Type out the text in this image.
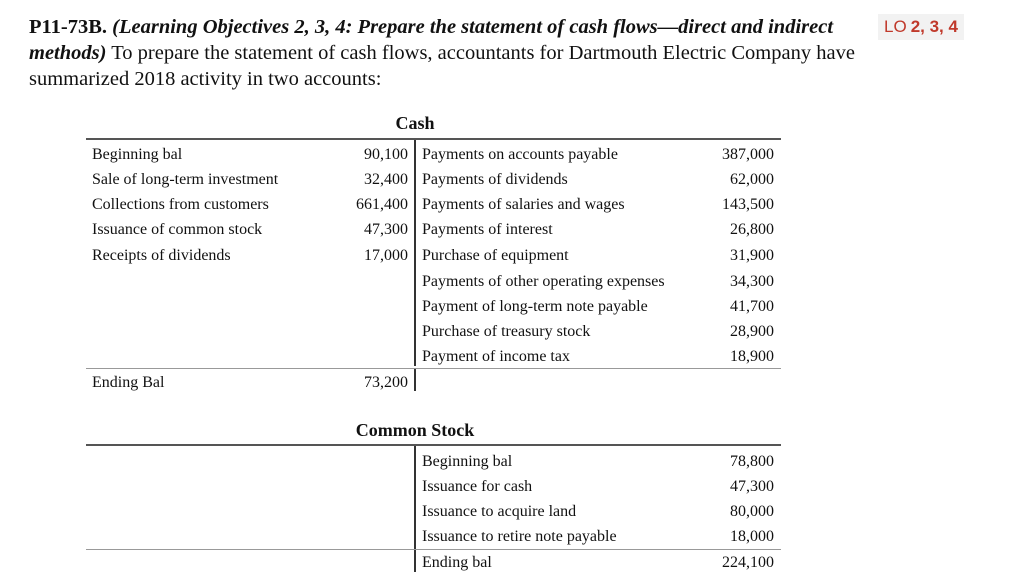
LO 2, 3, 4
P11-73B. (Learning Objectives 2, 3, 4: Prepare the statement of cash flows—direct and indirect methods) To prepare the statement of cash flows, accountants for Dartmouth Electric Company have summarized 2018 activity in two accounts:
Cash
Beginning bal	90,100 Payments on accounts payable	387,000
Sale of long-term investment	32,400 Payments of dividends	62,000
Collections from customers	661,400 Payments of salaries and wages	143,500
Issuance of common stock	47,300 Payments of interest	26,800
Receipts of dividends	17,000 Purchase of equipment	31,900
Payments of other operating expenses	34,300
Payment of long-term note payable	41,700
Purchase of treasury stock	28,900
Payment of income tax	18,900
Ending Bal	73,200
Common Stock
Beginning bal	78,800
Issuance for cash	47,300
Issuance to acquire land	80,000
Issuance to retire note payable	18,000
Ending bal	224,100
